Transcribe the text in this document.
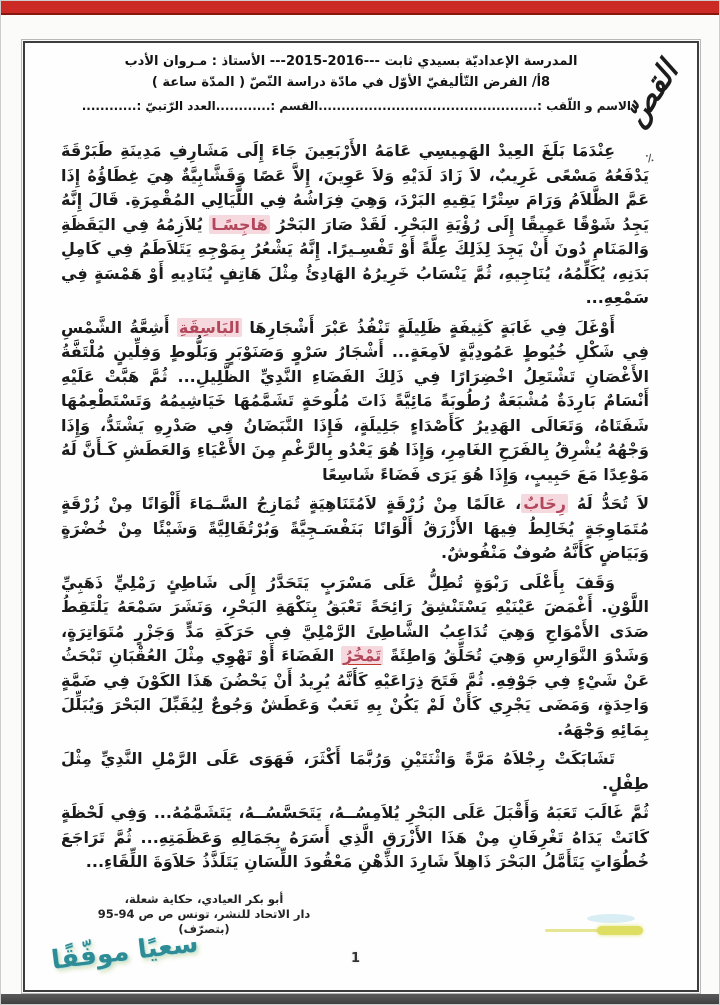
المدرسة الإعداديّة بسيدي ثابت ---2016-2015--- الأستاذ : مـروان الأدب
8أ/ الفرض التّأليفيّ الأوّل في مادّة دراسة النّصّ ( المدّة ساعة )
الاسم و اللّقب :................................................القسم :............العدد الرّتبيّ :............
القصّ
٪

عِنْدَمَا بَلَغَ العِيدْ الهَمِيسِي عَامَهُ الأَرْبَعِينَ جَاءَ إِلَى مَشَارِفِ مَدِينَةِ طَبَرْقَةَ يَدْفَعُهُ مَسْعًى غَرِيبٌ، لاَ زَادَ لَدَيْهِ وَلاَ عَوِينَ، إِلاَّ عَصًا وَقَشَّابِيَّةٌ هِيَ غِطَاؤُهُ إِذَا عَمَّ الظَّلاَمُ وَرَامَ سِتْرًا يَقِيهِ البَرْدَ، وَهِيَ فِرَاشُهُ فِي اللَّيَالِي المُقْمِرَةِ. قَالَ إِنَّهُ يَجِدُ شَوْقًا عَمِيقًا إِلَى رُؤْيَةِ البَحْرِ. لَقَدْ صَارَ البَحْرُ هَاجِسًـا يُلاَزِمُهُ فِي اليَقَظَةِ وَالمَنَامِ دُونَ أَنْ يَجِدَ لِذَلِكَ عِلَّةً أَوْ تَفْسِـيرًا. إِنَّهُ يَشْعُرُ بِمَوْجِهِ يَتَلاَطَمُ فِي كَامِلِ بَدَنِهِ، يُكَلِّمُهُ، يُنَاجِيهِ، ثُمَّ يَنْسَابُ خَرِيرُهُ الهَادِئُ مِثْلَ هَاتِفٍ يُنَادِيهِ أَوْ هَمْسَةٍ فِي سَمْعِهِ...

أَوْغَلَ فِي غَابَةٍ كَثِيفَةٍ ظَلِيلَةٍ تَنْفُذُ عَبْرَ أَشْجَارِهَا البَاسِقَةِ أَشِعَّةُ الشَّمْسِ فِي شَكْلِ خُيُوطٍ عَمُودِيَّةٍ لاَمِعَةٍ... أَشْجَارُ سَرْوٍ وَصَنَوْبَرٍ وَبَلُّوطٍ وَفِلِّينٍ مُلْتَفَّةُ الأَغْصَانِ تَشْتَعِلُ اخْضِرَارًا فِي ذَلِكَ الفَضَاءِ النَّدِيِّ الظَّلِيلِ... ثُمَّ هَبَّتْ عَلَيْهِ أَنْسَامٌ بَارِدَةٌ مُشْبَعَةٌ رُطُوبَةً مَائِيَّةً ذَاتَ مُلُوحَةٍ تَشَمَّمُهَا خَيَاشِيمُهُ وَتَسْتَطْعِمُهَا شَفَتَاهُ، وَتَعَالَى الهَدِيرُ كَأَصْدَاءٍ جَلِيلَةٍ، فَإِذَا النَّبَضَانُ فِي صَدْرِهِ يَشْتَدُّ، وَإِذَا وَجْهُهُ يُشْرِقُ بِالفَرَحِ الغَامِرِ، وَإِذَا هُوَ يَعْدُو بِالرَّغْمِ مِنَ الأَعْيَاءِ وَالعَطَشِ كَـأَنَّ لَهُ مَوْعِدًا مَعَ حَبِيبٍ، وَإِذَا هُوَ يَرَى فَضَاءً شَاسِعًا

لاَ تُحَدُّ لَهُ رِحَابٌ، عَالَمًا مِنْ زُرْقَةٍ لاَمُتَنَاهِيَةٍ تُمَازِجُ السَّـمَاءَ أَلْوَانًا مِنْ زُرْقَةٍ مُتَمَاوِجَةٍ يُخَالِطُ فِيهَا الأَزْرَقُ أَلْوَانًا بَنَفْسَـجِيَّةً وَبُرْتُقَالِيَّةً وَشَيْئًا مِنْ خُضْرَةٍ وَبَيَاضٍ كَأَنَّهُ صُوفٌ مَنْفُوشٌ.

وَقَفَ بِأَعْلَى رَبْوَةٍ تُطِلُّ عَلَى مَسْرَبٍ يَتَحَدَّرُ إِلَى شَاطِئٍ رَمْلِيٍّ ذَهَبِيِّ اللَّوْنِ. أَغْمَضَ عَيْنَيْهِ يَسْتَنْشِقُ رَائِحَةً تَعْبَقُ بِنَكْهَةِ البَحْرِ، وَنَشَرَ سَمْعَهُ يَلْتَقِطُ صَدَى الأَمْوَاجِ وَهِيَ تُدَاعِبُ الشَّاطِئَ الرَّمْلِيَّ فِي حَرَكَةِ مَدٍّ وَجَزْرٍ مُتَوَاتِرَةٍ، وَشَدْوَ النَّوَارِسِ وَهِيَ تُحَلِّقُ وَاطِئَةً تَمْخُرُ الفَضَاءَ أَوْ تَهْوِي مِثْلَ العُقْبَانِ تَبْحَثُ عَنْ شَيْءٍ فِي جَوْفِهِ. ثُمَّ فَتَحَ ذِرَاعَيْهِ كَأَنَّهُ يُرِيدُ أَنْ يَحْضُنَ هَذَا الكَوْنَ فِي ضَمَّةٍ وَاحِدَةٍ، وَمَضَى يَجْرِي كَأَنْ لَمْ يَكُنْ بِهِ تَعَبٌ وَعَطَشٌ وَجُوعٌ لِيُقَبِّلَ البَحْرَ وَيُبَلِّلَ بِمَائِهِ وَجْهَهُ.

تَشَابَكَتْ رِجْلاَهُ مَرَّةً وَاثْنَتَيْنِ وَرُبَّمَا أَكْثَرَ، فَهَوَى عَلَى الرَّمْلِ النَّدِيِّ مِثْلَ طِفْلٍ.

ثُمَّ غَالَبَ تَعَبَهُ وَأَقْبَلَ عَلَى البَحْرِ يُلاَمِسُــهُ، يَتَحَسَّسُــهُ، يَتَشَمَّمُهُ... وَفِي لَحْظَةٍ كَانَتْ يَدَاهُ تَغْرِفَانِ مِنْ هَذَا الأَزْرَقِ الَّذِي أَسَرَهُ بِجَمَالِهِ وَعَظَمَتِهِ... ثُمَّ تَرَاجَعَ خُطُوَاتٍ يَتَأَمَّلُ البَحْرَ ذَاهِلاً شَارِدَ الذِّهْنِ مَعْقُودَ اللِّسَانِ يَتَلَذَّذُ حَلاَوَةَ اللِّقَاءِ...

أبو بكر العيادي، حكاية شعلة،
دار الاتحاد للنشر، تونس ص ص 94-95
(بتصرّف)
سعيًا موفّقًا	1
